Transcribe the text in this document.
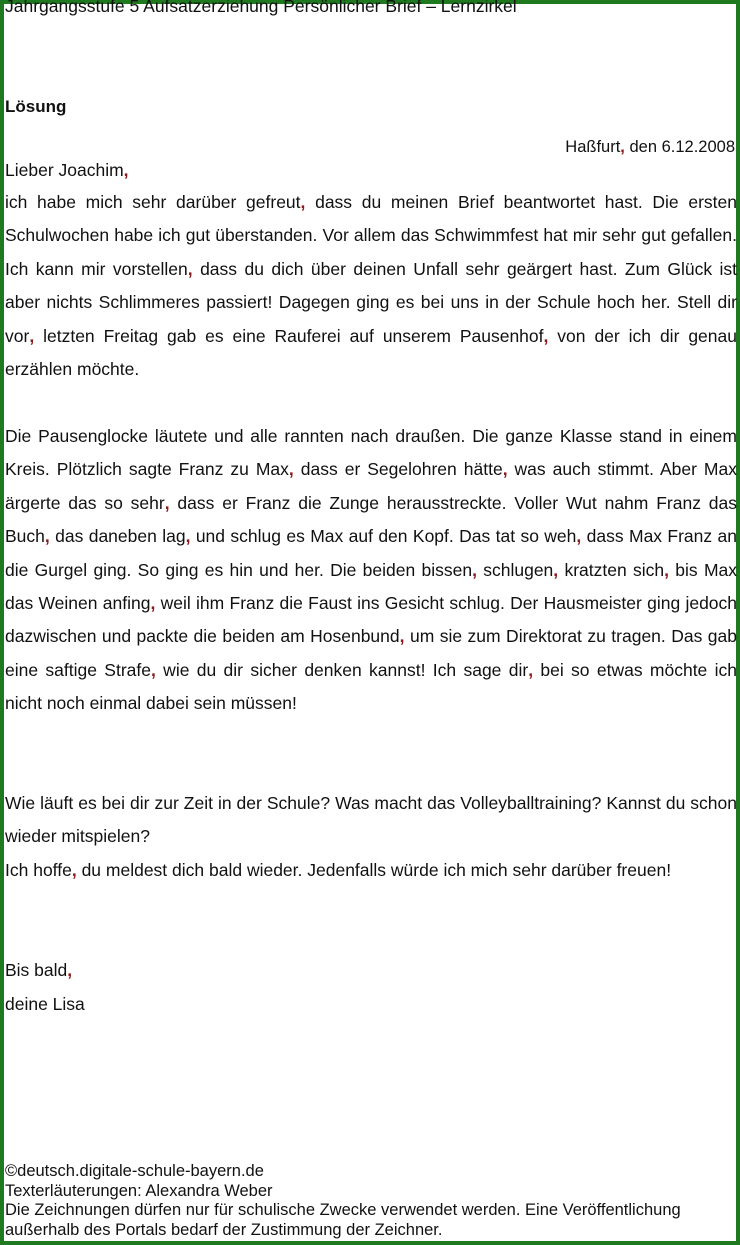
Jahrgangsstufe 5 Aufsatzerziehung Persönlicher Brief – Lernzirkel
Lösung
Haßfurt, den 6.12.2008
Lieber Joachim,
ich habe mich sehr darüber gefreut, dass du meinen Brief beantwortet hast. Die ersten Schulwochen habe ich gut überstanden. Vor allem das Schwimmfest hat mir sehr gut gefallen. Ich kann mir vorstellen, dass du dich über deinen Unfall sehr geärgert hast. Zum Glück ist aber nichts Schlimmeres passiert! Dagegen ging es bei uns in der Schule hoch her. Stell dir vor, letzten Freitag gab es eine Rauferei auf unserem Pausenhof, von der ich dir genau erzählen möchte.
Die Pausenglocke läutete und alle rannten nach draußen. Die ganze Klasse stand in einem Kreis. Plötzlich sagte Franz zu Max, dass er Segelohren hätte, was auch stimmt. Aber Max ärgerte das so sehr, dass er Franz die Zunge herausstreckte. Voller Wut nahm Franz das Buch, das daneben lag, und schlug es Max auf den Kopf. Das tat so weh, dass Max Franz an die Gurgel ging. So ging es hin und her. Die beiden bissen, schlugen, kratzten sich, bis Max das Weinen anfing, weil ihm Franz die Faust ins Gesicht schlug. Der Hausmeister ging jedoch dazwischen und packte die beiden am Hosenbund, um sie zum Direktorat zu tragen. Das gab eine saftige Strafe, wie du dir sicher denken kannst! Ich sage dir, bei so etwas möchte ich nicht noch einmal dabei sein müssen!
Wie läuft es bei dir zur Zeit in der Schule? Was macht das Volleyballtraining? Kannst du schon wieder mitspielen?
Ich hoffe, du meldest dich bald wieder. Jedenfalls würde ich mich sehr darüber freuen!
Bis bald,
deine Lisa
©deutsch.digitale-schule-bayern.de
Texterläuterungen: Alexandra Weber
Die Zeichnungen dürfen nur für schulische Zwecke verwendet werden. Eine Veröffentlichung
außerhalb des Portals bedarf der Zustimmung der Zeichner.
